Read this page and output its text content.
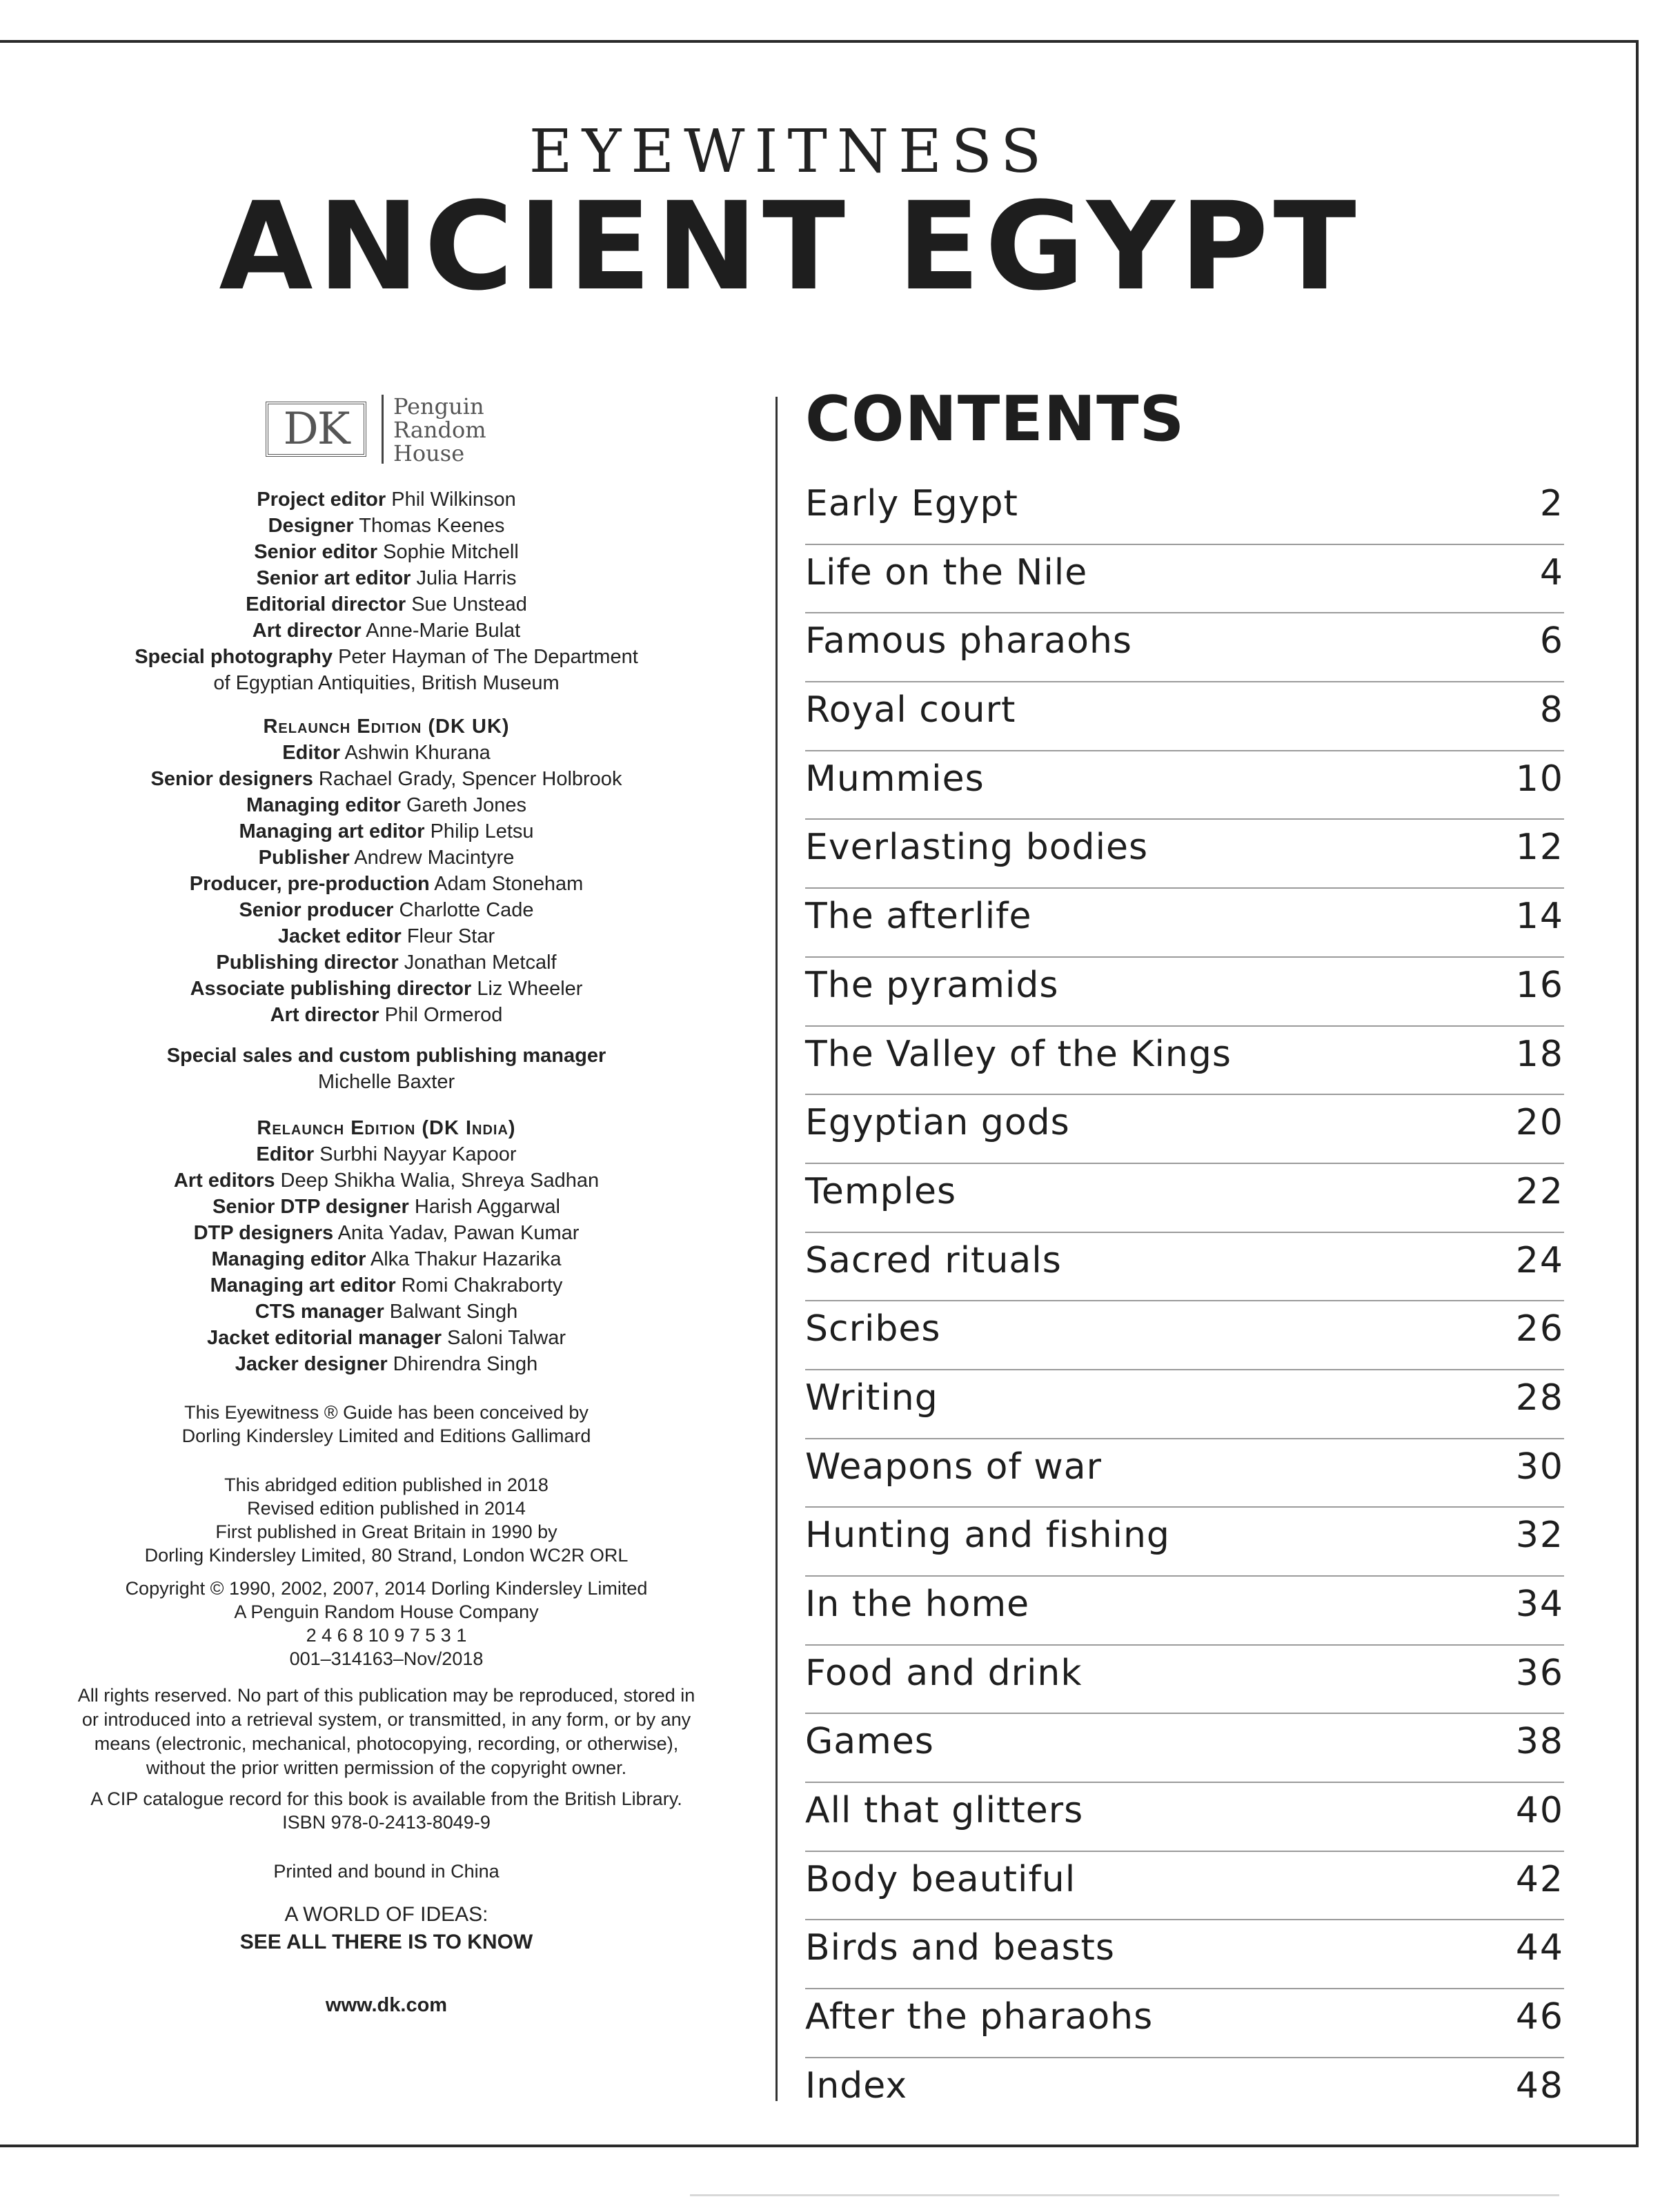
EYEWITNESS
ANCIENT EGYPT
DK	Penguin
Random
House
Project editor Phil Wilkinson
Designer Thomas Keenes
Senior editor Sophie Mitchell
Senior art editor Julia Harris
Editorial director Sue Unstead
Art director Anne-Marie Bulat
Special photography Peter Hayman of The Department
of Egyptian Antiquities, British Museum
Relaunch Edition (DK UK)
Editor Ashwin Khurana
Senior designers Rachael Grady, Spencer Holbrook
Managing editor Gareth Jones
Managing art editor Philip Letsu
Publisher Andrew Macintyre
Producer, pre-production Adam Stoneham
Senior producer Charlotte Cade
Jacket editor Fleur Star
Publishing director Jonathan Metcalf
Associate publishing director Liz Wheeler
Art director Phil Ormerod
Special sales and custom publishing manager
Michelle Baxter
Relaunch Edition (DK India)
Editor Surbhi Nayyar Kapoor
Art editors Deep Shikha Walia, Shreya Sadhan
Senior DTP designer Harish Aggarwal
DTP designers Anita Yadav, Pawan Kumar
Managing editor Alka Thakur Hazarika
Managing art editor Romi Chakraborty
CTS manager Balwant Singh
Jacket editorial manager Saloni Talwar
Jacker designer Dhirendra Singh
This Eyewitness ® Guide has been conceived by
Dorling Kindersley Limited and Editions Gallimard
This abridged edition published in 2018
Revised edition published in 2014
First published in Great Britain in 1990 by
Dorling Kindersley Limited, 80 Strand, London WC2R ORL
Copyright © 1990, 2002, 2007, 2014 Dorling Kindersley Limited
A Penguin Random House Company
2 4 6 8 10 9 7 5 3 1
001–314163–Nov/2018
All rights reserved. No part of this publication may be reproduced, stored in
or introduced into a retrieval system, or transmitted, in any form, or by any
means (electronic, mechanical, photocopying, recording, or otherwise),
without the prior written permission of the copyright owner.
A CIP catalogue record for this book is available from the British Library.
ISBN 978-0-2413-8049-9
Printed and bound in China
A WORLD OF IDEAS:
SEE ALL THERE IS TO KNOW
www.dk.com
CONTENTS
Early Egypt	2
Life on the Nile	4
Famous pharaohs	6
Royal court	8
Mummies	10
Everlasting bodies	12
The afterlife	14
The pyramids	16
The Valley of the Kings	18
Egyptian gods	20
Temples	22
Sacred rituals	24
Scribes	26
Writing	28
Weapons of war	30
Hunting and fishing	32
In the home	34
Food and drink	36
Games	38
All that glitters	40
Body beautiful	42
Birds and beasts	44
After the pharaohs	46
Index	48
